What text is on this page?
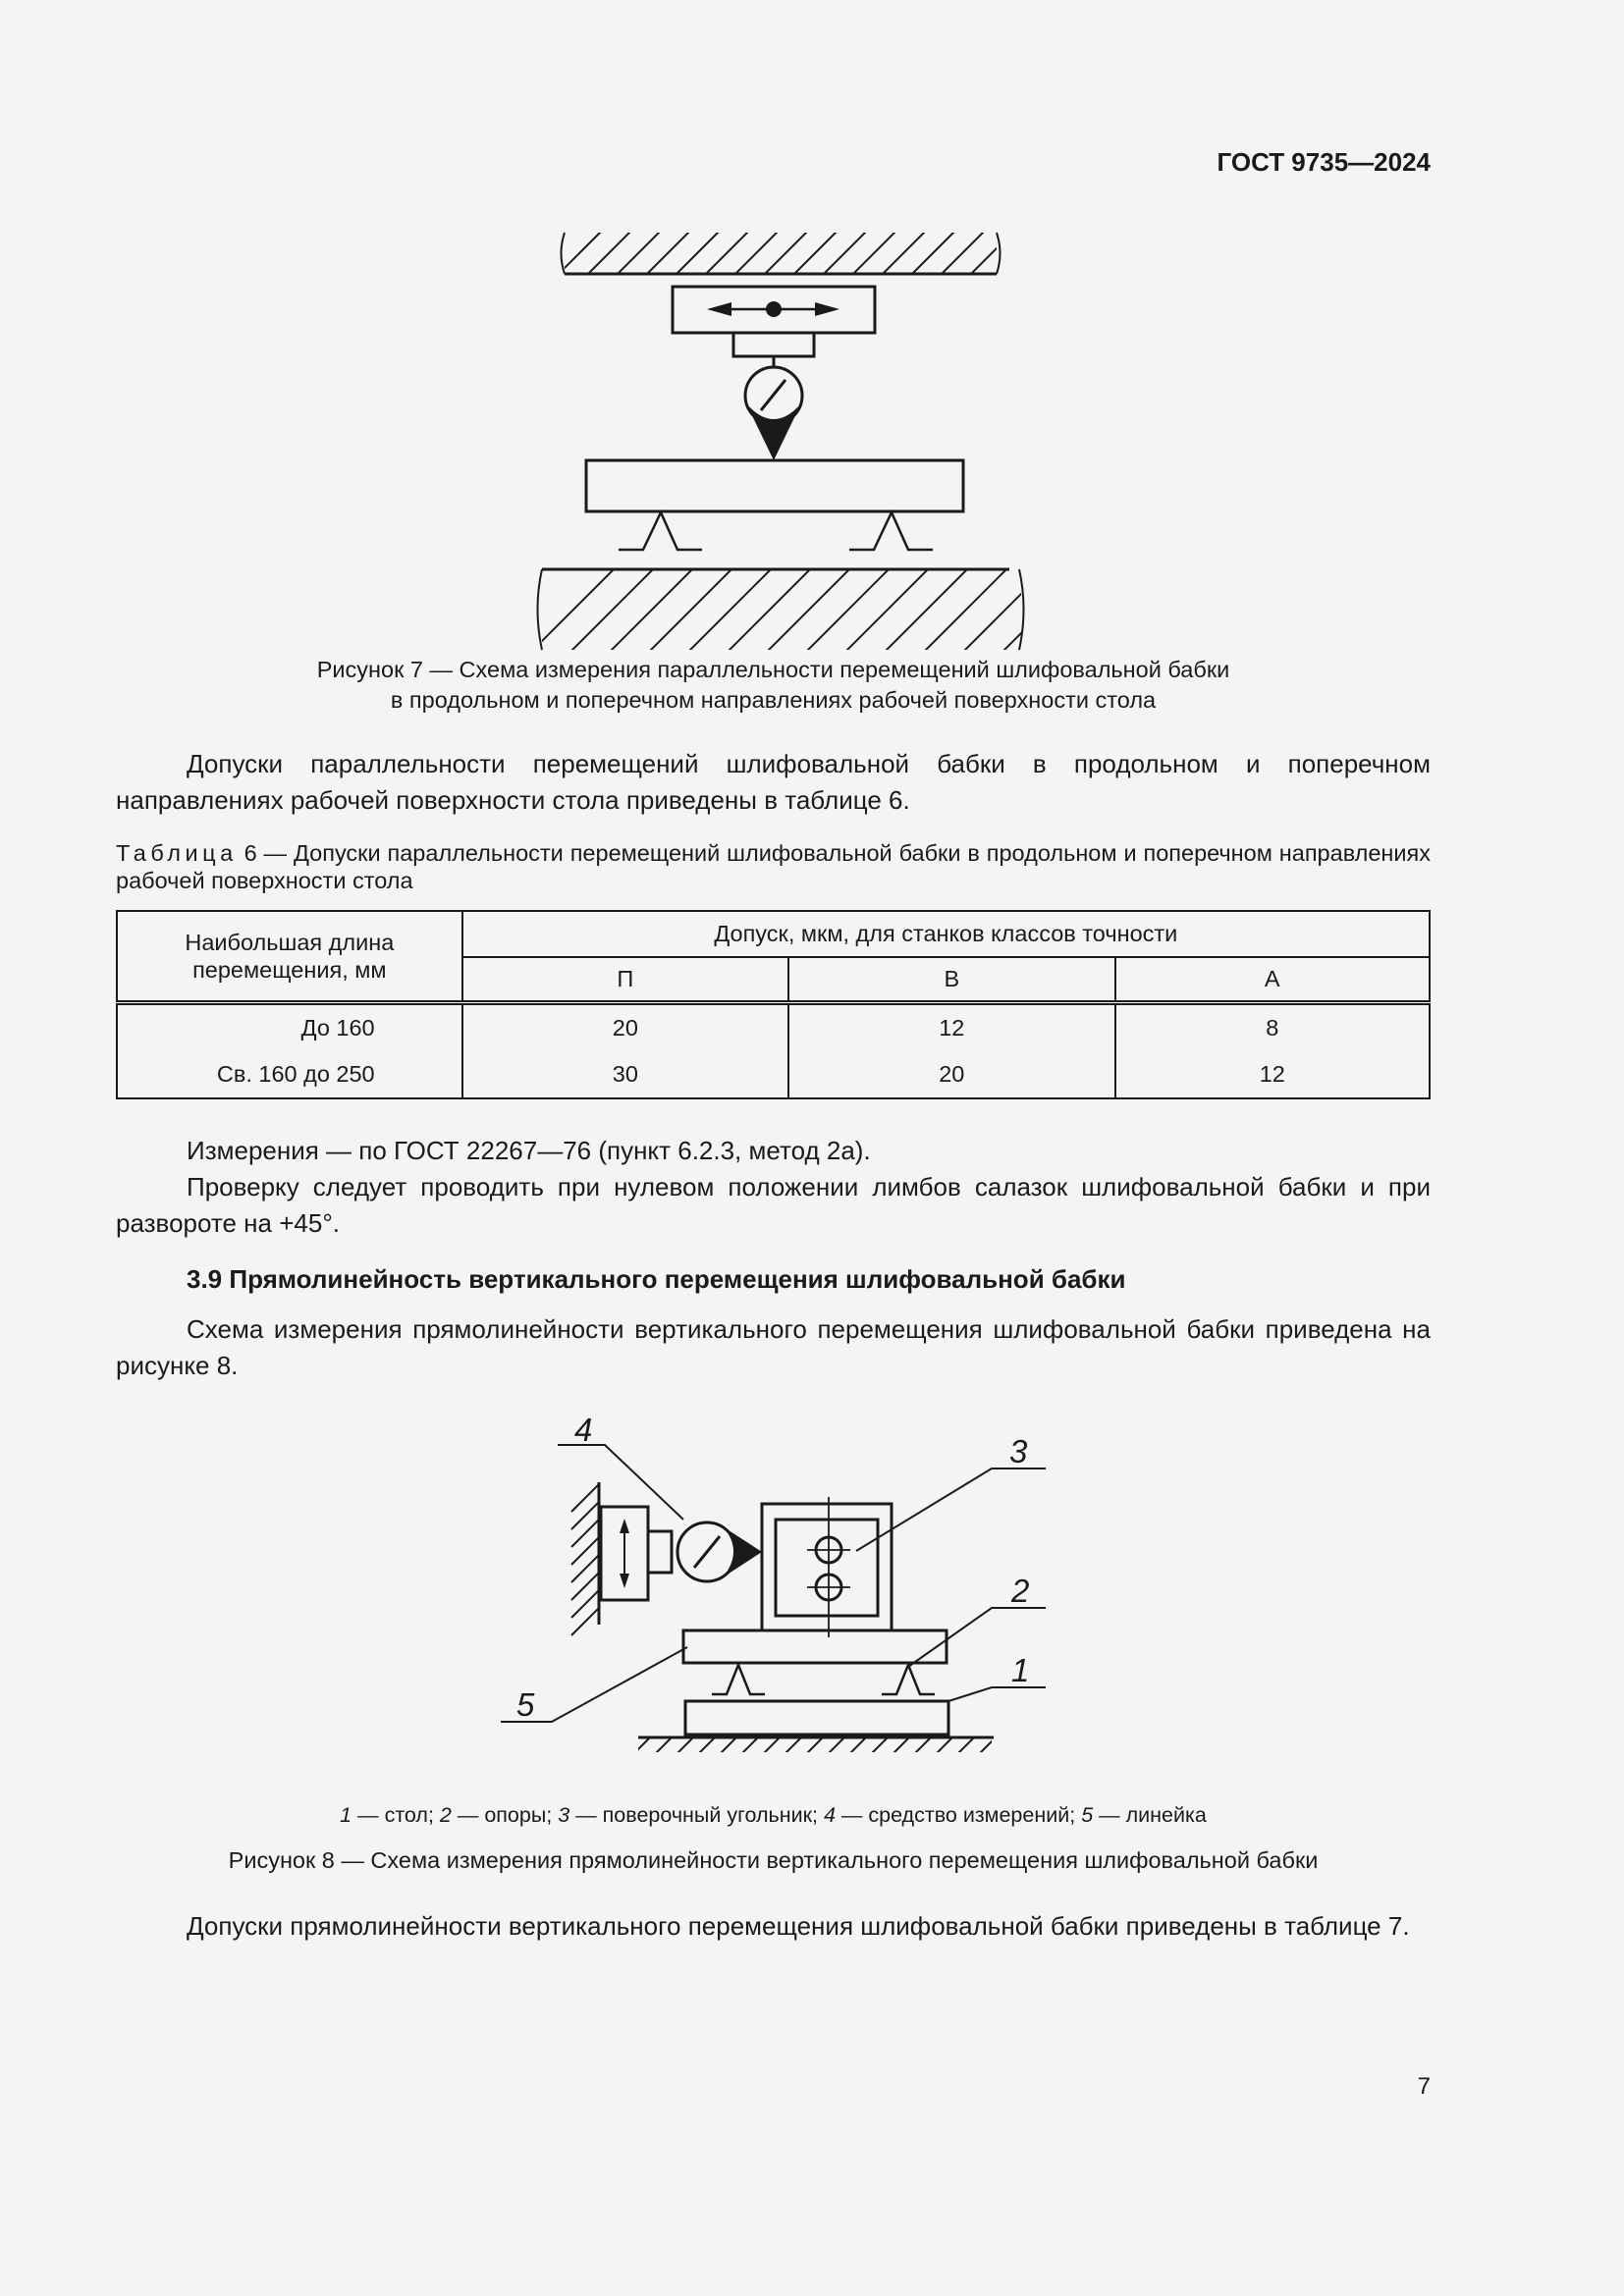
ГОСТ 9735—2024
Рисунок 7 — Схема измерения параллельности перемещений шлифовальной бабки
в продольном и поперечном направлениях рабочей поверхности стола
Допуски параллельности перемещений шлифовальной бабки в продольном и поперечном направлениях рабочей поверхности стола приведены в таблице 6.
Таблица 6 — Допуски параллельности перемещений шлифовальной бабки в продольном и поперечном направлениях рабочей поверхности стола
Наибольшая длина перемещения, мм	Допуск, мкм, для станков классов точности		
	П	В	А
До 160	20	12	8
Св. 160 до 250	30	20	12
Измерения — по ГОСТ 22267—76 (пункт 6.2.3, метод 2а).
Проверку следует проводить при нулевом положении лимбов салазок шлифовальной бабки и при развороте на +45°.
3.9 Прямолинейность вертикального перемещения шлифовальной бабки
Схема измерения прямолинейности вертикального перемещения шлифовальной бабки приведена на рисунке 8.
4
3
2
1
5
1 — стол; 2 — опоры; 3 — поверочный угольник; 4 — средство измерений; 5 — линейка
Рисунок 8 — Схема измерения прямолинейности вертикального перемещения шлифовальной бабки
Допуски прямолинейности вертикального перемещения шлифовальной бабки приведены в таблице 7.
7
